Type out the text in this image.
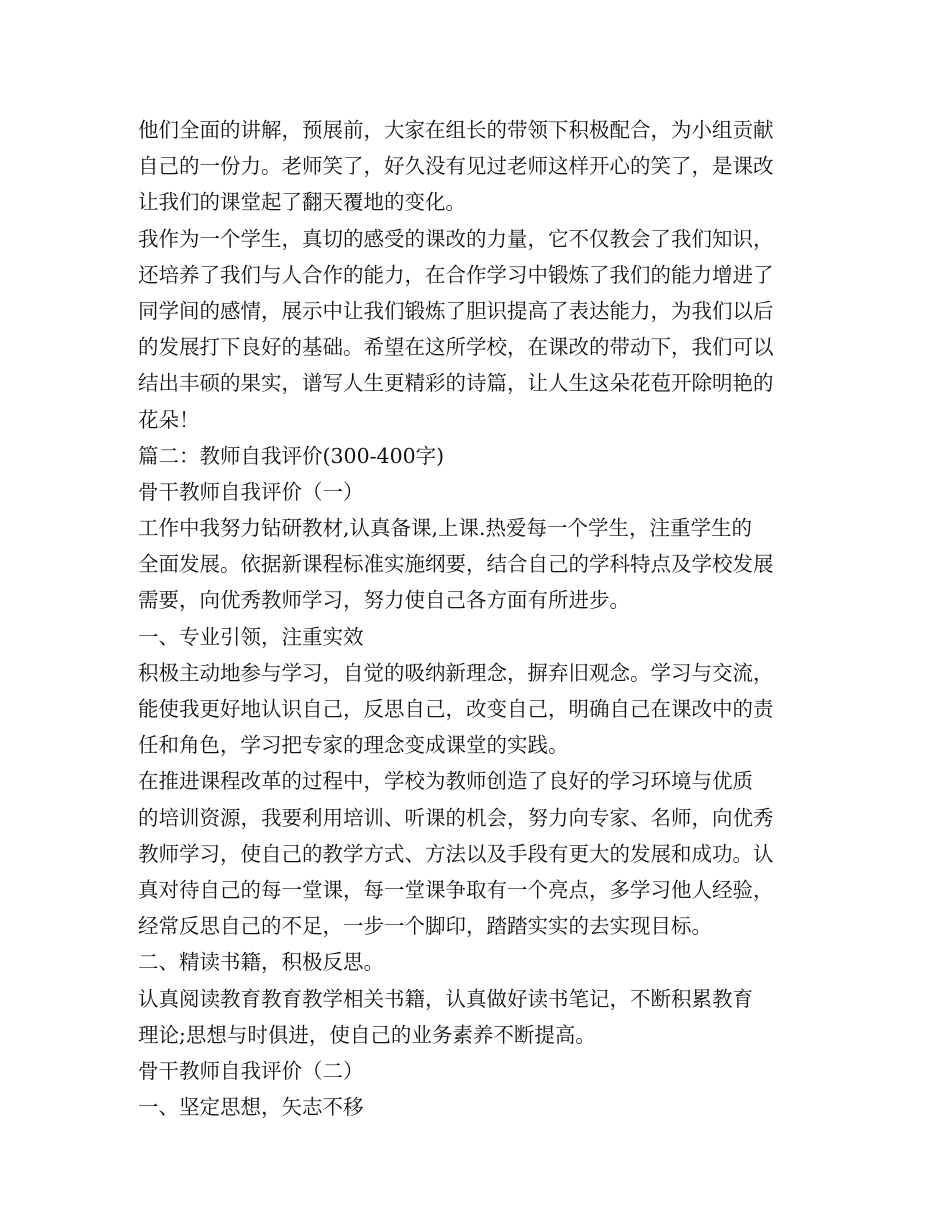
他们全面的讲解，预展前，大家在组长的带领下积极配合，为小组贡献
自己的一份力。老师笑了，好久没有见过老师这样开心的笑了，是课改
让我们的课堂起了翻天覆地的变化。
我作为一个学生，真切的感受的课改的力量，它不仅教会了我们知识，
还培养了我们与人合作的能力，在合作学习中锻炼了我们的能力增进了
同学间的感情，展示中让我们锻炼了胆识提高了表达能力，为我们以后
的发展打下良好的基础。希望在这所学校，在课改的带动下，我们可以
结出丰硕的果实，谱写人生更精彩的诗篇，让人生这朵花苞开除明艳的
花朵！
篇二：教师自我评价(300-400字)
骨干教师自我评价（一）
工作中我努力钻研教材,认真备课,上课.热爱每一个学生，注重学生的
全面发展。依据新课程标准实施纲要，结合自己的学科特点及学校发展
需要，向优秀教师学习，努力使自己各方面有所进步。
一、专业引领，注重实效
积极主动地参与学习，自觉的吸纳新理念，摒弃旧观念。学习与交流，
能使我更好地认识自己，反思自己，改变自己，明确自己在课改中的责
任和角色，学习把专家的理念变成课堂的实践。
在推进课程改革的过程中，学校为教师创造了良好的学习环境与优质
的培训资源，我要利用培训、听课的机会，努力向专家、名师，向优秀
教师学习，使自己的教学方式、方法以及手段有更大的发展和成功。认
真对待自己的每一堂课，每一堂课争取有一个亮点，多学习他人经验，
经常反思自己的不足，一步一个脚印，踏踏实实的去实现目标。
二、精读书籍，积极反思。
认真阅读教育教育教学相关书籍，认真做好读书笔记，不断积累教育
理论;思想与时俱进，使自己的业务素养不断提高。
骨干教师自我评价（二）
一、坚定思想，矢志不移
